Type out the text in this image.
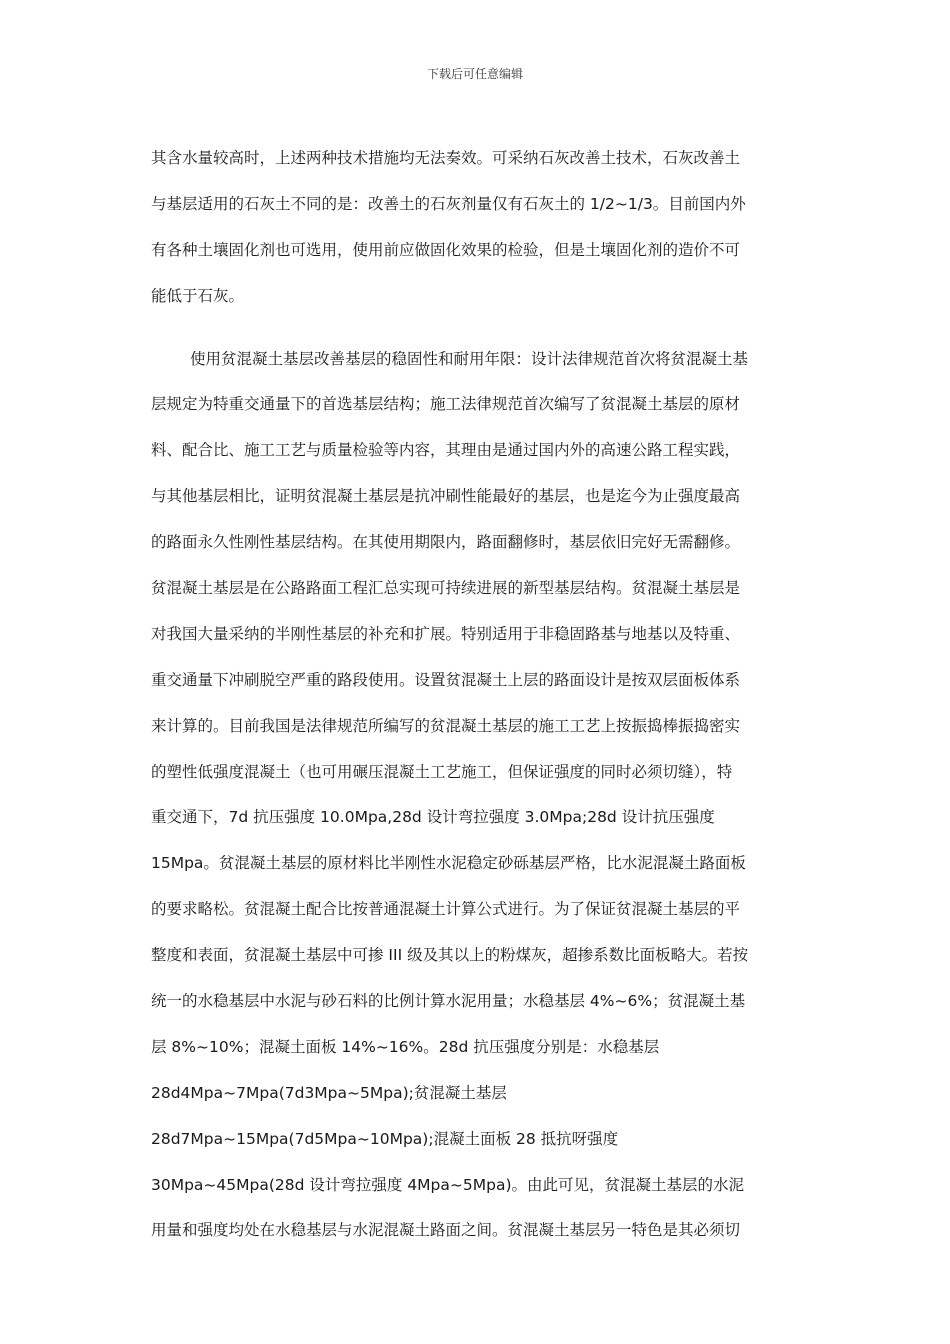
下载后可任意编辑
其含水量较高时，上述两种技术措施均无法奏效。可采纳石灰改善土技术，石灰改善土
与基层适用的石灰土不同的是：改善土的石灰剂量仅有石灰土的 1/2~1/3。目前国内外
有各种土壤固化剂也可选用，使用前应做固化效果的检验，但是土壤固化剂的造价不可
能低于石灰。
使用贫混凝土基层改善基层的稳固性和耐用年限：设计法律规范首次将贫混凝土基
层规定为特重交通量下的首选基层结构；施工法律规范首次编写了贫混凝土基层的原材
料、配合比、施工工艺与质量检验等内容，其理由是通过国内外的高速公路工程实践，
与其他基层相比，证明贫混凝土基层是抗冲刷性能最好的基层，也是迄今为止强度最高
的路面永久性刚性基层结构。在其使用期限内，路面翻修时，基层依旧完好无需翻修。
贫混凝土基层是在公路路面工程汇总实现可持续进展的新型基层结构。贫混凝土基层是
对我国大量采纳的半刚性基层的补充和扩展。特别适用于非稳固路基与地基以及特重、
重交通量下冲刷脱空严重的路段使用。设置贫混凝土上层的路面设计是按双层面板体系
来计算的。目前我国是法律规范所编写的贫混凝土基层的施工工艺上按振捣棒振捣密实
的塑性低强度混凝土（也可用碾压混凝土工艺施工，但保证强度的同时必须切缝），特
重交通下，7d 抗压强度 10.0Mpa,28d 设计弯拉强度 3.0Mpa;28d 设计抗压强度
15Mpa。贫混凝土基层的原材料比半刚性水泥稳定砂砾基层严格，比水泥混凝土路面板
的要求略松。贫混凝土配合比按普通混凝土计算公式进行。为了保证贫混凝土基层的平
整度和表面，贫混凝土基层中可掺 III 级及其以上的粉煤灰，超掺系数比面板略大。若按
统一的水稳基层中水泥与砂石料的比例计算水泥用量；水稳基层 4%~6%；贫混凝土基
层 8%~10%；混凝土面板 14%~16%。28d 抗压强度分别是：水稳基层
28d4Mpa~7Mpa(7d3Mpa~5Mpa);贫混凝土基层
28d7Mpa~15Mpa(7d5Mpa~10Mpa);混凝土面板 28 抵抗呀强度
30Mpa~45Mpa(28d 设计弯拉强度 4Mpa~5Mpa)。由此可见，贫混凝土基层的水泥
用量和强度均处在水稳基层与水泥混凝土路面之间。贫混凝土基层另一特色是其必须切
